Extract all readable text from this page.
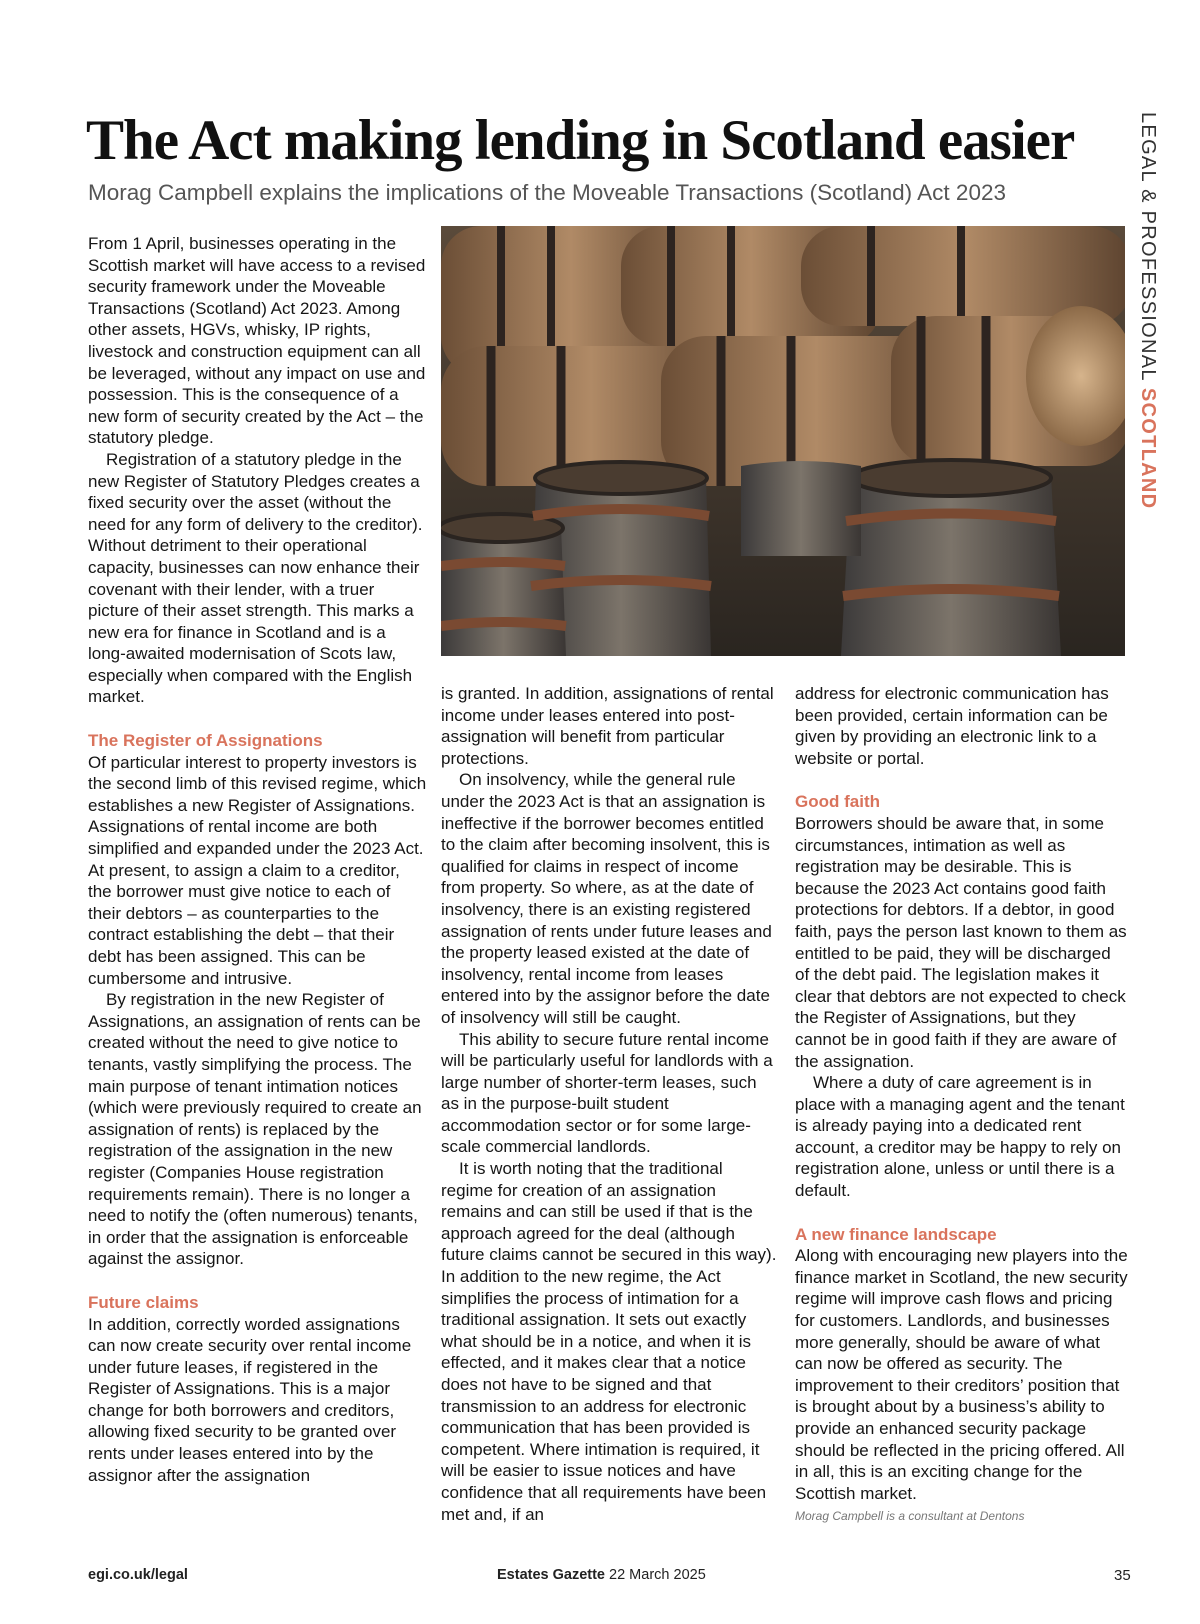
The Act making lending in Scotland easier

Morag Campbell explains the implications of the Moveable Transactions (Scotland) Act 2023	LEGAL & PROFESSIONAL SCOTLAND

From 1 April, businesses operating in the Scottish market will have access to a revised security framework under the Moveable Transactions (Scotland) Act 2023. Among other assets, HGVs, whisky, IP rights, livestock and construction equipment can all be leveraged, without any impact on use and possession. This is the consequence of a new form of security created by the Act – the statutory pledge.

Registration of a statutory pledge in the new Register of Statutory Pledges creates a fixed security over the asset (without the need for any form of delivery to the creditor). Without detriment to their operational capacity, businesses can now enhance their covenant with their lender, with a truer picture of their asset strength. This marks a new era for finance in Scotland and is a long-awaited modernisation of Scots law, especially when compared with the English market.

The Register of Assignations

Of particular interest to property investors is the second limb of this revised regime, which establishes a new Register of Assignations. Assignations of rental income are both simplified and expanded under the 2023 Act. At present, to assign a claim to a creditor, the borrower must give notice to each of their debtors – as counterparties to the contract establishing the debt – that their debt has been assigned. This can be cumbersome and intrusive.

By registration in the new Register of Assignations, an assignation of rents can be created without the need to give notice to tenants, vastly simplifying the process. The main purpose of tenant intimation notices (which were previously required to create an assignation of rents) is replaced by the registration of the assignation in the new register (Companies House registration requirements remain). There is no longer a need to notify the (often numerous) tenants, in order that the assignation is enforceable against the assignor.

Future claims

In addition, correctly worded assignations can now create security over rental income under future leases, if registered in the Register of Assignations. This is a major change for both borrowers and creditors, allowing fixed security to be granted over rents under leases entered into by the assignor after the assignation

is granted. In addition, assignations of rental income under leases entered into post-assignation will benefit from particular protections.

On insolvency, while the general rule under the 2023 Act is that an assignation is ineffective if the borrower becomes entitled to the claim after becoming insolvent, this is qualified for claims in respect of income from property. So where, as at the date of insolvency, there is an existing registered assignation of rents under future leases and the property leased existed at the date of insolvency, rental income from leases entered into by the assignor before the date of insolvency will still be caught.

This ability to secure future rental income will be particularly useful for landlords with a large number of shorter-term leases, such as in the purpose-built student accommodation sector or for some large-scale commercial landlords.

It is worth noting that the traditional regime for creation of an assignation remains and can still be used if that is the approach agreed for the deal (although future claims cannot be secured in this way). In addition to the new regime, the Act simplifies the process of intimation for a traditional assignation. It sets out exactly what should be in a notice, and when it is effected, and it makes clear that a notice does not have to be signed and that transmission to an address for electronic communication that has been provided is competent. Where intimation is required, it will be easier to issue notices and have confidence that all requirements have been met and, if an

address for electronic communication has been provided, certain information can be given by providing an electronic link to a website or portal.

Good faith

Borrowers should be aware that, in some circumstances, intimation as well as registration may be desirable. This is because the 2023 Act contains good faith protections for debtors. If a debtor, in good faith, pays the person last known to them as entitled to be paid, they will be discharged of the debt paid. The legislation makes it clear that debtors are not expected to check the Register of Assignations, but they cannot be in good faith if they are aware of the assignation.

Where a duty of care agreement is in place with a managing agent and the tenant is already paying into a dedicated rent account, a creditor may be happy to rely on registration alone, unless or until there is a default.

A new finance landscape

Along with encouraging new players into the finance market in Scotland, the new security regime will improve cash flows and pricing for customers. Landlords, and businesses more generally, should be aware of what can now be offered as security. The improvement to their creditors’ position that is brought about by a business’s ability to provide an enhanced security package should be reflected in the pricing offered. All in all, this is an exciting change for the Scottish market.

Morag Campbell is a consultant at Dentons
egi.co.uk/legal	Estates Gazette 22 March 2025	35
